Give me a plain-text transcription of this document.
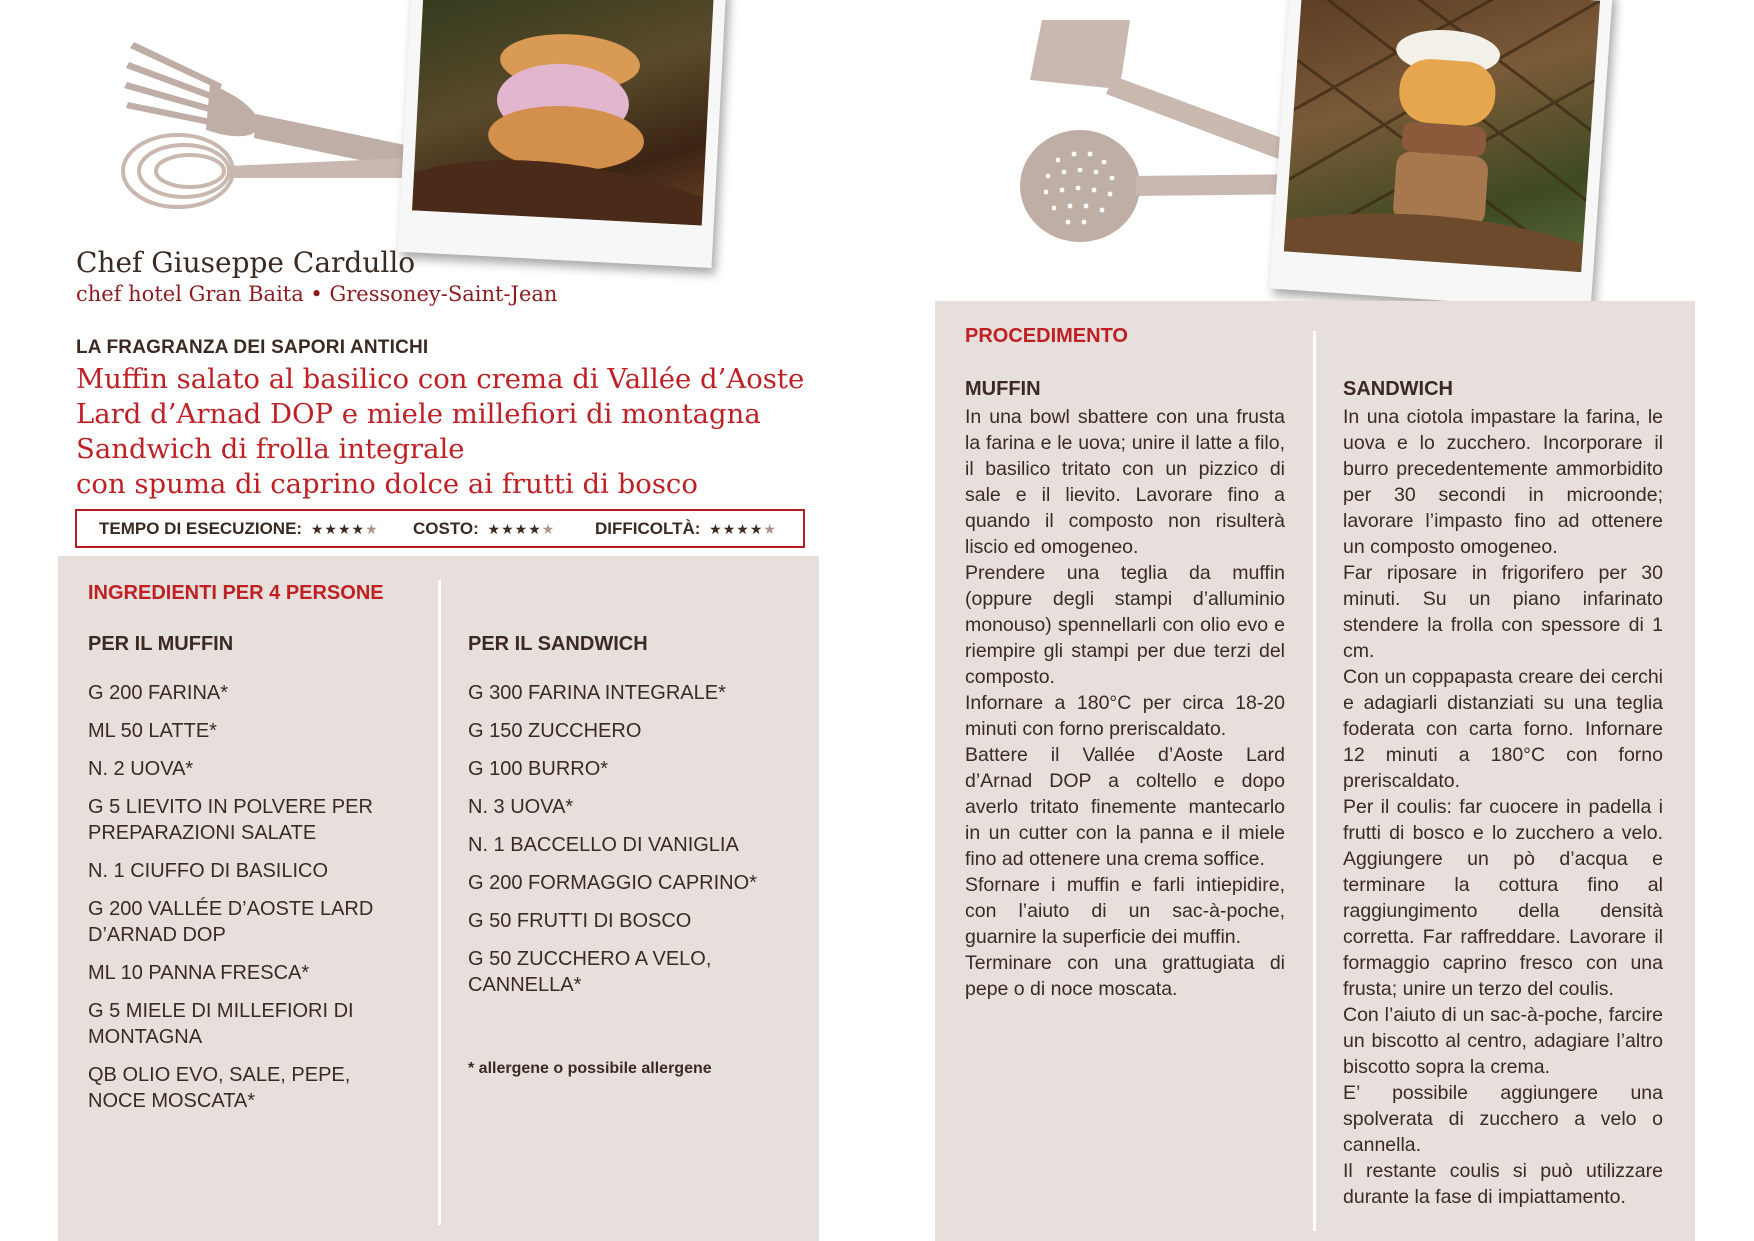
Chef Giuseppe Cardullo
chef hotel Gran Baita • Gressoney-Saint-Jean
LA FRAGRANZA DEI SAPORI ANTICHI
Muffin salato al basilico con crema di Vallée d’Aoste
Lard d’Arnad DOP e miele millefiori di montagna
Sandwich di frolla integrale
con spuma di caprino dolce ai frutti di bosco
TEMPO DI ESECUZIONE: ★★★★★ COSTO: ★★★★★ DIFFICOLTÀ: ★★★★★
INGREDIENTI PER 4 PERSONE
PER IL MUFFIN
G 200 FARINA*
ML 50 LATTE*
N. 2 UOVA*
G 5 LIEVITO IN POLVERE PER PREPARAZIONI SALATE
N. 1 CIUFFO DI BASILICO
G 200 VALLÉE D’AOSTE LARD D’ARNAD DOP
ML 10 PANNA FRESCA*
G 5 MIELE DI MILLEFIORI DI MONTAGNA
QB OLIO EVO, SALE, PEPE, NOCE MOSCATA*
PER IL SANDWICH
G 300 FARINA INTEGRALE*
G 150 ZUCCHERO
G 100 BURRO*
N. 3 UOVA*
N. 1 BACCELLO DI VANIGLIA
G 200 FORMAGGIO CAPRINO*
G 50 FRUTTI DI BOSCO
G 50 ZUCCHERO A VELO, CANNELLA*
* allergene o possibile allergene
PROCEDIMENTO
MUFFIN

In una bowl sbattere con una frusta la farina e le uova; unire il latte a filo, il basilico tritato con un pizzico di sale e il lievito. Lavorare fino a quando il composto non risulterà liscio ed omogeneo.

Prendere una teglia da muffin (oppure degli stampi d’alluminio monouso) spennellarli con olio evo e riempire gli stampi per due terzi del composto.

Infornare a 180°C per circa 18-20 minuti con forno preriscaldato.

Battere il Vallée d’Aoste Lard d’Arnad DOP a coltello e dopo averlo tritato finemente mantecarlo in un cutter con la panna e il miele fino ad ottenere una crema soffice.

Sfornare i muffin e farli intiepidire, con l’aiuto di un sac-à-poche, guarnire la superficie dei muffin.

Terminare con una grattugiata di pepe o di noce moscata.

SANDWICH

In una ciotola impastare la farina, le uova e lo zucchero. Incorporare il burro precedentemente ammorbidito per 30 secondi in microonde; lavorare l’impasto fino ad ottenere un composto omogeneo.

Far riposare in frigorifero per 30 minuti. Su un piano infarinato stendere la frolla con spessore di 1 cm.

Con un coppapasta creare dei cerchi e adagiarli distanziati su una teglia foderata con carta forno. Infornare 12 minuti a 180°C con forno preriscaldato.

Per il coulis: far cuocere in padella i frutti di bosco e lo zucchero a velo. Aggiungere un pò d’acqua e terminare la cottura fino al raggiungimento della densità corretta. Far raffreddare. Lavorare il formaggio caprino fresco con una frusta; unire un terzo del coulis.

Con l’aiuto di un sac-à-poche, farcire un biscotto al centro, adagiare l’altro biscotto sopra la crema.

E’ possibile aggiungere una spolverata di zucchero a velo o cannella.

Il restante coulis si può utilizzare durante la fase di impiattamento.
